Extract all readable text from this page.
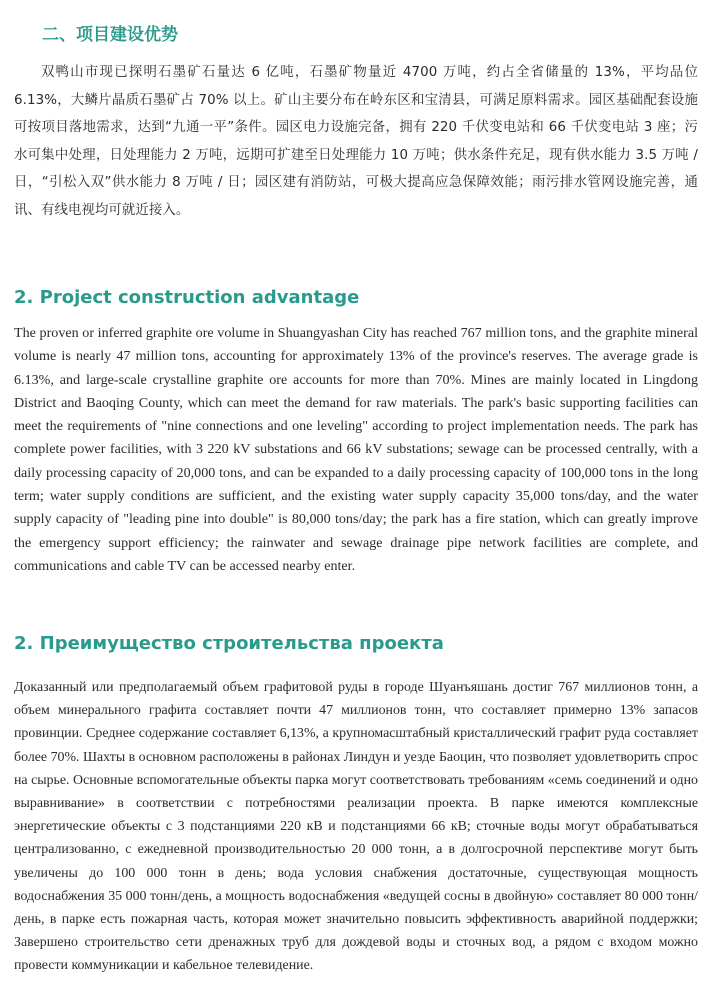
二、项目建设优势

双鸭山市现已探明石墨矿石量达 6 亿吨，石墨矿物量近 4700 万吨，约占全省储量的 13%，平均品位 6.13%，大鳞片晶质石墨矿占 70% 以上。矿山主要分布在岭东区和宝清县，可满足原料需求。园区基础配套设施可按项目落地需求，达到“九通一平”条件。园区电力设施完备，拥有 220 千伏变电站和 66 千伏变电站 3 座；污水可集中处理，日处理能力 2 万吨，远期可扩建至日处理能力 10 万吨；供水条件充足，现有供水能力 3.5 万吨 / 日，“引松入双”供水能力 8 万吨 / 日；园区建有消防站，可极大提高应急保障效能；雨污排水管网设施完善，通讯、有线电视均可就近接入。

2. Project construction advantage

The proven or inferred graphite ore volume in Shuangyashan City has reached 767 million tons, and the graphite mineral volume is nearly 47 million tons, accounting for approximately 13% of the province's reserves. The average grade is 6.13%, and large-scale crystalline graphite ore accounts for more than 70%. Mines are mainly located in Lingdong District and Baoqing County, which can meet the demand for raw materials. The park's basic supporting facilities can meet the requirements of "nine connections and one leveling" according to project implementation needs. The park has complete power facilities, with 3 220 kV substations and 66 kV substations; sewage can be processed centrally, with a daily processing capacity of 20,000 tons, and can be expanded to a daily processing capacity of 100,000 tons in the long term; water supply conditions are sufficient, and the existing water supply capacity 35,000 tons/day, and the water supply capacity of "leading pine into double" is 80,000 tons/day; the park has a fire station, which can greatly improve the emergency support efficiency; the rainwater and sewage drainage pipe network facilities are complete, and communications and cable TV can be accessed nearby enter.

2. Преимущество строительства проекта

Доказанный или предполагаемый объем графитовой руды в городе Шуанъяшань достиг 767 миллионов тонн, а объем минерального графита составляет почти 47 миллионов тонн, что составляет примерно 13% запасов провинции. Среднее содержание составляет 6,13%, а крупномасштабный кристаллический графит руда составляет более 70%. Шахты в основном расположены в районах Линдун и уезде Баоцин, что позволяет удовлетворить спрос на сырье. Основные вспомогательные объекты парка могут соответствовать требованиям «семь соединений и одно выравнивание» в соответствии с потребностями реализации проекта. В парке имеются комплексные энергетические объекты с 3 подстанциями 220 кВ и подстанциями 66 кВ; сточные воды могут обрабатываться централизованно, с ежедневной производительностью 20 000 тонн, а в долгосрочной перспективе могут быть увеличены до 100 000 тонн в день; вода условия снабжения достаточные, существующая мощность водоснабжения 35 000 тонн/день, а мощность водоснабжения «ведущей сосны в двойную» составляет 80 000 тонн/день, в парке есть пожарная часть, которая может значительно повысить эффективность аварийной поддержки; Завершено строительство сети дренажных труб для дождевой воды и сточных вод, а рядом с входом можно провести коммуникации и кабельное телевидение.
